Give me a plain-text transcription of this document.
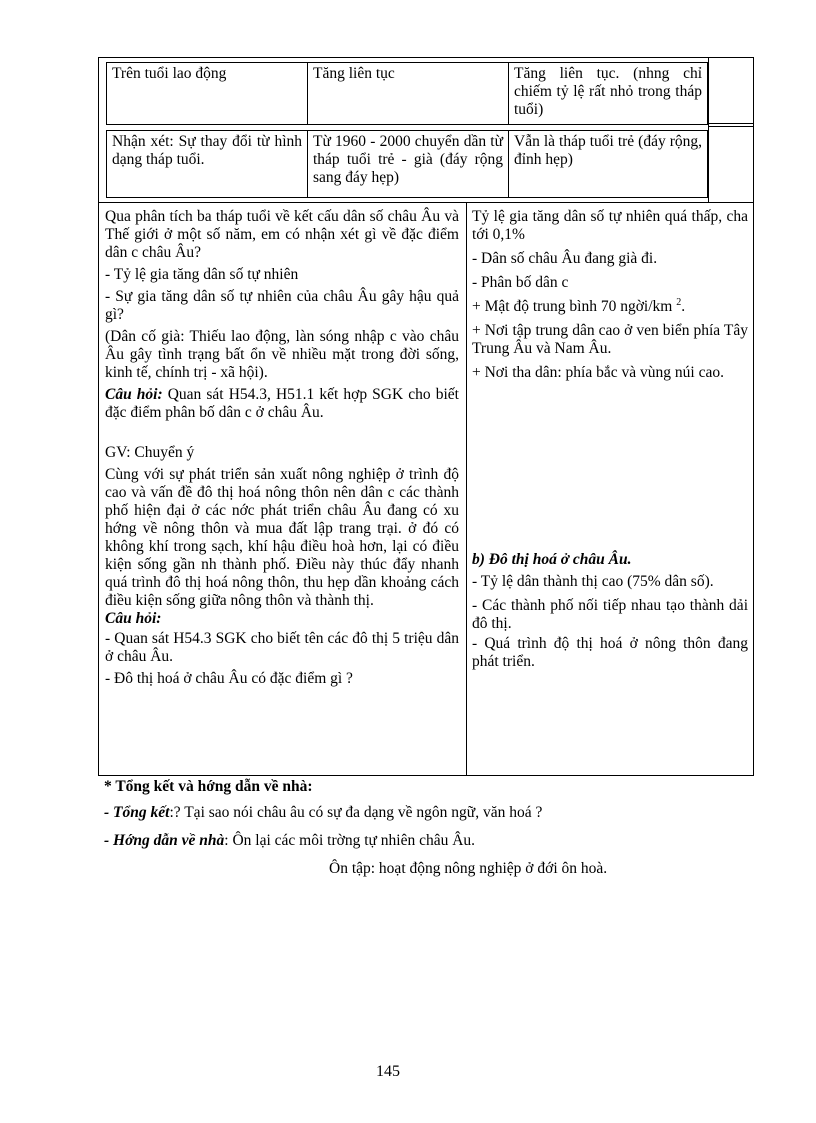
Trên tuổi lao động	Tăng liên tục	Tăng liên tục. (nhng chỉ chiếm tỷ lệ rất nhỏ trong tháp tuổi)

Nhận xét: Sự thay đổi từ hình dạng tháp tuổi.

Từ 1960 - 2000 chuyển dần từ tháp tuổi trẻ - già (đáy rộng sang đáy hẹp)

Vẫn là tháp tuổi trẻ (đáy rộng, đỉnh hẹp)

Qua phân tích ba tháp tuổi về kết cấu dân số châu Âu và Thế giới ở một số năm, em có nhận xét gì về đặc điểm dân c châu Âu?

- Tỷ lệ gia tăng dân số tự nhiên

- Sự gia tăng dân số tự nhiên của châu Âu gây hậu quả gì?

(Dân cố già: Thiếu lao động, làn sóng nhập c vào châu Âu gây tình trạng bất ổn về nhiều mặt trong đời sống, kinh tế, chính trị - xã hội).

Câu hỏi: Quan sát H54.3, H51.1 kết hợp SGK cho biết đặc điểm phân bố dân c ở châu Âu.

GV: Chuyển ý

Cùng với sự phát triển sản xuất nông nghiệp ở trình độ cao và vấn đề đô thị hoá nông thôn nên dân c các thành phố hiện đại ở các nớc phát triển châu Âu đang có xu hớng về nông thôn và mua đất lập trang trại. ở đó có không khí trong sạch, khí hậu điều hoà hơn, lại có điều kiện sống gần nh thành phố. Điều này thúc đẩy nhanh quá trình đô thị hoá nông thôn, thu hẹp dần khoảng cách điều kiện sống giữa nông thôn và thành thị.

Câu hỏi:

- Quan sát H54.3 SGK cho biết tên các đô thị 5 triệu dân ở châu Âu.

- Đô thị hoá ở châu Âu có đặc điểm gì ?

Tỷ lệ gia tăng dân số tự nhiên quá thấp, cha tới 0,1%

- Dân số châu Âu đang già đi.

- Phân bố dân c

+ Mật độ trung bình 70 ngời/km $^2$.

+ Nơi tập trung dân cao ở ven biển phía Tây Trung Âu và Nam Âu.

+ Nơi tha dân: phía bắc và vùng núi cao.

b) Đô thị hoá ở châu Âu.

- Tỷ lệ dân thành thị cao (75% dân số).

- Các thành phố nối tiếp nhau tạo thành dải đô thị.

- Quá trình độ thị hoá ở nông thôn đang phát triển.

* Tổng kết và hớng dẫn về nhà:

- Tổng kết:? Tại sao nói châu âu có sự đa dạng về ngôn ngữ, văn hoá ?

- Hớng dẫn về nhà: Ôn lại các môi trờng tự nhiên châu Âu.

Ôn tập: hoạt động nông nghiệp ở đới ôn hoà.

145
